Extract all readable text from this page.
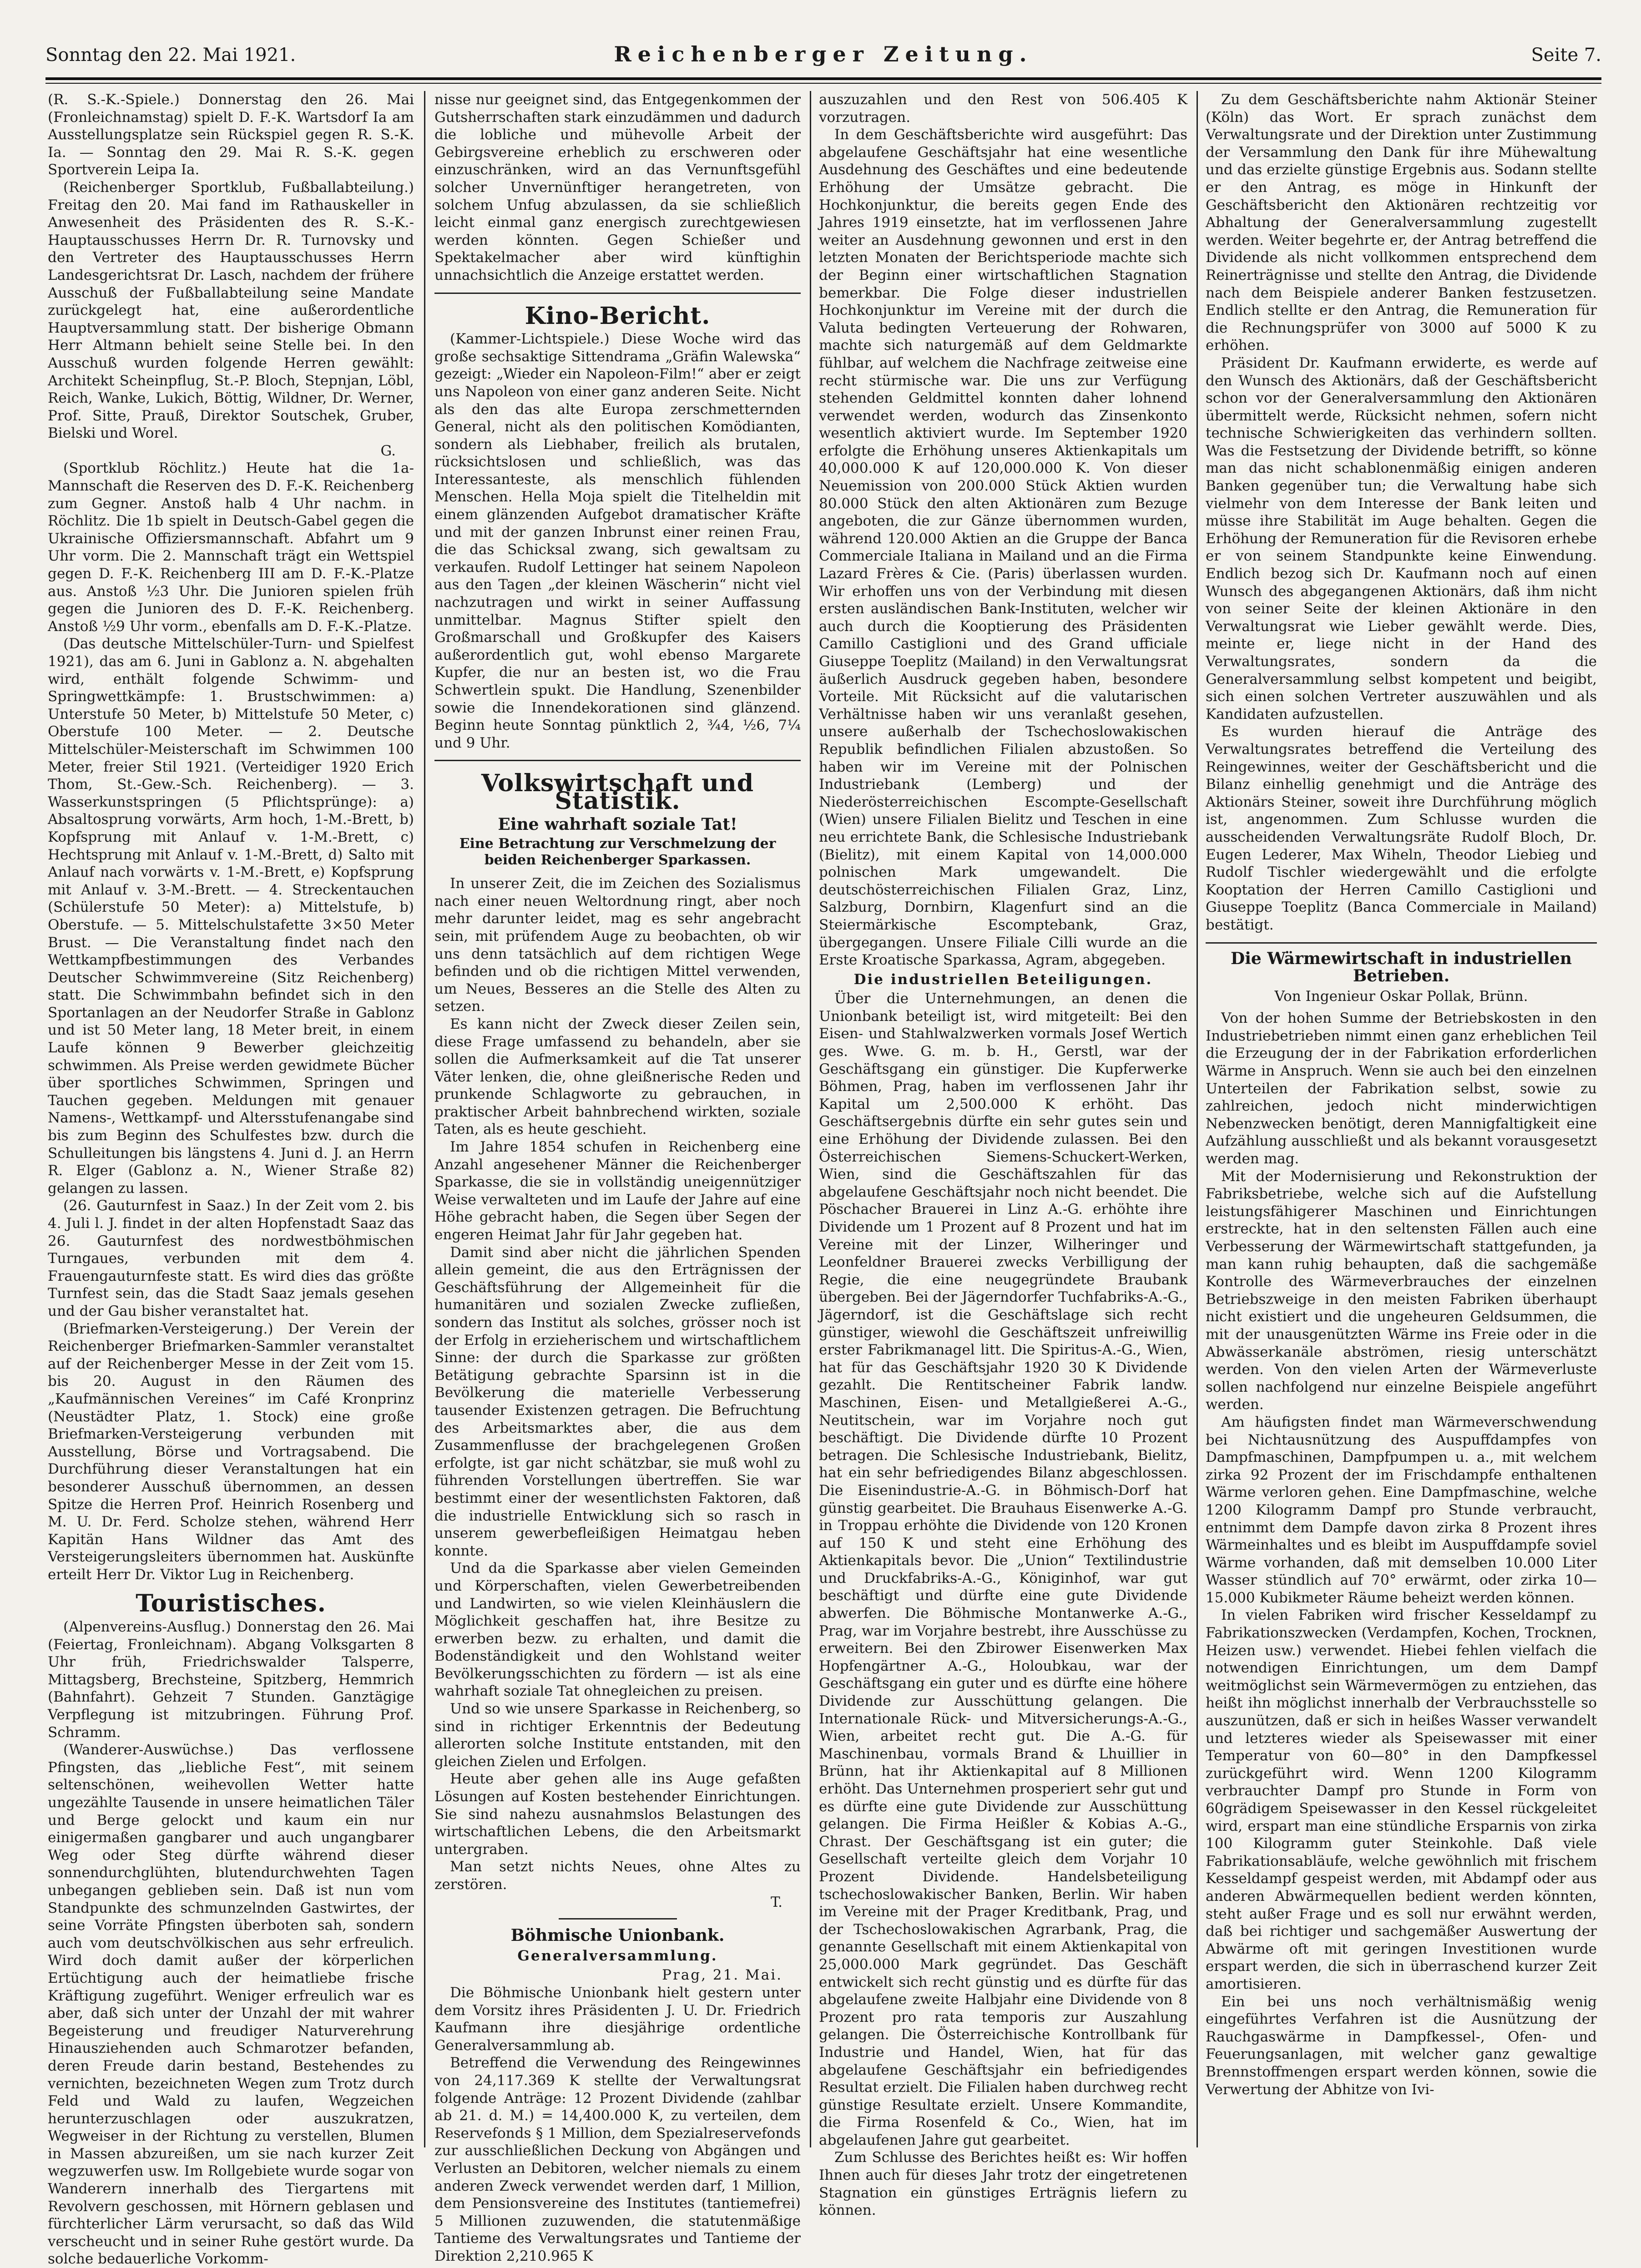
Sonntag den 22. Mai 1921.	Reichenberger Zeitung.	Seite 7.

(R. S.-K.-Spiele.) Donnerstag den 26. Mai (Fronleichnamstag) spielt D. F.-K. Wartsdorf Ia am Ausstellungsplatze sein Rückspiel gegen R. S.-K. Ia. — Sonntag den 29. Mai R. S.-K. gegen Sportverein Leipa Ia.

(Reichenberger Sportklub, Fußballabteilung.) Freitag den 20. Mai fand im Rathauskeller in Anwesenheit des Präsidenten des R. S.-K.-Hauptausschusses Herrn Dr. R. Turnovsky und den Vertreter des Hauptausschusses Herrn Landesgerichtsrat Dr. Lasch, nachdem der frühere Ausschuß der Fußballabteilung seine Mandate zurückgelegt hat, eine außerordentliche Hauptversammlung statt. Der bisherige Obmann Herr Altmann behielt seine Stelle bei. In den Ausschuß wurden folgende Herren gewählt: Architekt Scheinpflug, St.-P. Bloch, Stepnjan, Löbl, Reich, Wanke, Lukich, Böttig, Wildner, Dr. Werner, Prof. Sitte, Prauß, Direktor Soutschek, Gruber, Bielski und Worel.

G.

(Sportklub Röchlitz.) Heute hat die 1a-Mannschaft die Reserven des D. F.-K. Reichenberg zum Gegner. Anstoß halb 4 Uhr nachm. in Röchlitz. Die 1b spielt in Deutsch-Gabel gegen die Ukrainische Offiziersmannschaft. Abfahrt um 9 Uhr vorm. Die 2. Mannschaft trägt ein Wettspiel gegen D. F.-K. Reichenberg III am D. F.-K.-Platze aus. Anstoß ½3 Uhr. Die Junioren spielen früh gegen die Junioren des D. F.-K. Reichenberg. Anstoß ½9 Uhr vorm., ebenfalls am D. F.-K.-Platze.

(Das deutsche Mittelschüler-Turn- und Spielfest 1921), das am 6. Juni in Gablonz a. N. abgehalten wird, enthält folgende Schwimm- und Springwettkämpfe: 1. Brustschwimmen: a) Unterstufe 50 Meter, b) Mittelstufe 50 Meter, c) Oberstufe 100 Meter. — 2. Deutsche Mittelschüler-Meisterschaft im Schwimmen 100 Meter, freier Stil 1921. (Verteidiger 1920 Erich Thom, St.-Gew.-Sch. Reichenberg). — 3. Wasserkunstspringen (5 Pflichtsprünge): a) Absaltosprung vorwärts, Arm hoch, 1-M.-Brett, b) Kopfsprung mit Anlauf v. 1-M.-Brett, c) Hechtsprung mit Anlauf v. 1-M.-Brett, d) Salto mit Anlauf nach vorwärts v. 1-M.-Brett, e) Kopfsprung mit Anlauf v. 3-M.-Brett. — 4. Streckentauchen (Schülerstufe 50 Meter): a) Mittelstufe, b) Oberstufe. — 5. Mittelschulstafette 3×50 Meter Brust. — Die Veranstaltung findet nach den Wettkampfbestimmungen des Verbandes Deutscher Schwimmvereine (Sitz Reichenberg) statt. Die Schwimmbahn befindet sich in den Sportanlagen an der Neudorfer Straße in Gablonz und ist 50 Meter lang, 18 Meter breit, in einem Laufe können 9 Bewerber gleichzeitig schwimmen. Als Preise werden gewidmete Bücher über sportliches Schwimmen, Springen und Tauchen gegeben. Meldungen mit genauer Namens-, Wettkampf- und Altersstufenangabe sind bis zum Beginn des Schulfestes bzw. durch die Schulleitungen bis längstens 4. Juni d. J. an Herrn R. Elger (Gablonz a. N., Wiener Straße 82) gelangen zu lassen.

(26. Gauturnfest in Saaz.) In der Zeit vom 2. bis 4. Juli l. J. findet in der alten Hopfenstadt Saaz das 26. Gauturnfest des nordwestböhmischen Turngaues, verbunden mit dem 4. Frauengauturnfeste statt. Es wird dies das größte Turnfest sein, das die Stadt Saaz jemals gesehen und der Gau bisher veranstaltet hat.

(Briefmarken-Versteigerung.) Der Verein der Reichenberger Briefmarken-Sammler veranstaltet auf der Reichenberger Messe in der Zeit vom 15. bis 20. August in den Räumen des „Kaufmännischen Vereines“ im Café Kronprinz (Neustädter Platz, 1. Stock) eine große Briefmarken-Versteigerung verbunden mit Ausstellung, Börse und Vortragsabend. Die Durchführung dieser Veranstaltungen hat ein besonderer Ausschuß übernommen, an dessen Spitze die Herren Prof. Heinrich Rosenberg und M. U. Dr. Ferd. Scholze stehen, während Herr Kapitän Hans Wildner das Amt des Versteigerungsleiters übernommen hat. Auskünfte erteilt Herr Dr. Viktor Lug in Reichenberg.

Touristisches.

(Alpenvereins-Ausflug.) Donnerstag den 26. Mai (Feiertag, Fronleichnam). Abgang Volksgarten 8 Uhr früh, Friedrichswalder Talsperre, Mittagsberg, Brechsteine, Spitzberg, Hemmrich (Bahnfahrt). Gehzeit 7 Stunden. Ganztägige Verpflegung ist mitzubringen. Führung Prof. Schramm.

(Wanderer-Auswüchse.) Das verflossene Pfingsten, das „liebliche Fest“, mit seinem seltenschönen, weihevollen Wetter hatte ungezählte Tausende in unsere heimatlichen Täler und Berge gelockt und kaum ein nur einigermaßen gangbarer und auch ungangbarer Weg oder Steg dürfte während dieser sonnendurchglühten, blutendurchwehten Tagen unbegangen geblieben sein. Daß ist nun vom Standpunkte des schmunzelnden Gastwirtes, der seine Vorräte Pfingsten überboten sah, sondern auch vom deutschvölkischen aus sehr erfreulich. Wird doch damit außer der körperlichen Ertüchtigung auch der heimatliebe frische Kräftigung zugeführt. Weniger erfreulich war es aber, daß sich unter der Unzahl der mit wahrer Begeisterung und freudiger Naturverehrung Hinausziehenden auch Schmarotzer befanden, deren Freude darin bestand, Bestehendes zu vernichten, bezeichneten Wegen zum Trotz durch Feld und Wald zu laufen, Wegzeichen herunterzuschlagen oder auszukratzen, Wegweiser in der Richtung zu verstellen, Blumen in Massen abzureißen, um sie nach kurzer Zeit wegzuwerfen usw. Im Rollgebiete wurde sogar von Wanderern innerhalb des Tiergartens mit Revolvern geschossen, mit Hörnern geblasen und fürchterlicher Lärm verursacht, so daß das Wild verscheucht und in seiner Ruhe gestört wurde. Da solche bedauerliche Vorkomm-

nisse nur geeignet sind, das Entgegenkommen der Gutsherrschaften stark einzudämmen und dadurch die lobliche und mühevolle Arbeit der Gebirgsvereine erheblich zu erschweren oder einzuschränken, wird an das Vernunftsgefühl solcher Unvernünftiger herangetreten, von solchem Unfug abzulassen, da sie schließlich leicht einmal ganz energisch zurechtgewiesen werden könnten. Gegen Schießer und Spektakelmacher aber wird künftighin unnachsichtlich die Anzeige erstattet werden.

Kino-Bericht.

(Kammer-Lichtspiele.) Diese Woche wird das große sechsaktige Sittendrama „Gräfin Walewska“ gezeigt: „Wieder ein Napoleon-Film!“ aber er zeigt uns Napoleon von einer ganz anderen Seite. Nicht als den das alte Europa zerschmetternden General, nicht als den politischen Komödianten, sondern als Liebhaber, freilich als brutalen, rücksichtslosen und schließlich, was das Interessanteste, als menschlich fühlenden Menschen. Hella Moja spielt die Titelheldin mit einem glänzenden Aufgebot dramatischer Kräfte und mit der ganzen Inbrunst einer reinen Frau, die das Schicksal zwang, sich gewaltsam zu verkaufen. Rudolf Lettinger hat seinem Napoleon aus den Tagen „der kleinen Wäscherin“ nicht viel nachzutragen und wirkt in seiner Auffassung unmittelbar. Magnus Stifter spielt den Großmarschall und Großkupfer des Kaisers außerordentlich gut, wohl ebenso Margarete Kupfer, die nur an besten ist, wo die Frau Schwertlein spukt. Die Handlung, Szenenbilder sowie die Innendekorationen sind glänzend. Beginn heute Sonntag pünktlich 2, ¾4, ½6, 7¼ und 9 Uhr.

Volkswirtschaft und Statistik.
Eine wahrhaft soziale Tat!
Eine Betrachtung zur Verschmelzung der beiden Reichenberger Sparkassen.

In unserer Zeit, die im Zeichen des Sozialismus nach einer neuen Weltordnung ringt, aber noch mehr darunter leidet, mag es sehr angebracht sein, mit prüfendem Auge zu beobachten, ob wir uns denn tatsächlich auf dem richtigen Wege befinden und ob die richtigen Mittel verwenden, um Neues, Besseres an die Stelle des Alten zu setzen.

Es kann nicht der Zweck dieser Zeilen sein, diese Frage umfassend zu behandeln, aber sie sollen die Aufmerksamkeit auf die Tat unserer Väter lenken, die, ohne gleißnerische Reden und prunkende Schlagworte zu gebrauchen, in praktischer Arbeit bahnbrechend wirkten, soziale Taten, als es heute geschieht.

Im Jahre 1854 schufen in Reichenberg eine Anzahl angesehener Männer die Reichenberger Sparkasse, die sie in vollständig uneigennütziger Weise verwalteten und im Laufe der Jahre auf eine Höhe gebracht haben, die Segen über Segen der engeren Heimat Jahr für Jahr gegeben hat.

Damit sind aber nicht die jährlichen Spenden allein gemeint, die aus den Erträgnissen der Geschäftsführung der Allgemeinheit für die humanitären und sozialen Zwecke zufließen, sondern das Institut als solches, grösser noch ist der Erfolg in erzieherischem und wirtschaftlichem Sinne: der durch die Sparkasse zur größten Betätigung gebrachte Sparsinn ist in die Bevölkerung die materielle Verbesserung tausender Existenzen getragen. Die Befruchtung des Arbeitsmarktes aber, die aus dem Zusammenflusse der brachgelegenen Großen erfolgte, ist gar nicht schätzbar, sie muß wohl zu führenden Vorstellungen übertreffen. Sie war bestimmt einer der wesentlichsten Faktoren, daß die industrielle Entwicklung sich so rasch in unserem gewerbefleißigen Heimatgau heben konnte.

Und da die Sparkasse aber vielen Gemeinden und Körperschaften, vielen Gewerbetreibenden und Landwirten, so wie vielen Kleinhäuslern die Möglichkeit geschaffen hat, ihre Besitze zu erwerben bezw. zu erhalten, und damit die Bodenständigkeit und den Wohlstand weiter Bevölkerungsschichten zu fördern — ist als eine wahrhaft soziale Tat ohnegleichen zu preisen.

Und so wie unsere Sparkasse in Reichenberg, so sind in richtiger Erkenntnis der Bedeutung allerorten solche Institute entstanden, mit den gleichen Zielen und Erfolgen.

Heute aber gehen alle ins Auge gefaßten Lösungen auf Kosten bestehender Einrichtungen. Sie sind nahezu ausnahmslos Belastungen des wirtschaftlichen Lebens, die den Arbeitsmarkt untergraben.

Man setzt nichts Neues, ohne Altes zu zerstören.

T.
Böhmische Unionbank.
Generalversammlung.
Prag, 21. Mai.

Die Böhmische Unionbank hielt gestern unter dem Vorsitz ihres Präsidenten J. U. Dr. Friedrich Kaufmann ihre diesjährige ordentliche Generalversammlung ab.

Betreffend die Verwendung des Reingewinnes von 24,117.369 K stellte der Verwaltungsrat folgende Anträge: 12 Prozent Dividende (zahlbar ab 21. d. M.) = 14,400.000 K, zu verteilen, dem Reservefonds § 1 Million, dem Spezialreservefonds zur ausschließlichen Deckung von Abgängen und Verlusten an Debitoren, welcher niemals zu einem anderen Zweck verwendet werden darf, 1 Million, dem Pensionsvereine des Institutes (tantiemefrei) 5 Millionen zuzuwenden, die statutenmäßige Tantieme des Verwaltungsrates und Tantieme der Direktion 2,210.965 K

auszuzahlen und den Rest von 506.405 K vorzutragen.

In dem Geschäftsberichte wird ausgeführt: Das abgelaufene Geschäftsjahr hat eine wesentliche Ausdehnung des Geschäftes und eine bedeutende Erhöhung der Umsätze gebracht. Die Hochkonjunktur, die bereits gegen Ende des Jahres 1919 einsetzte, hat im verflossenen Jahre weiter an Ausdehnung gewonnen und erst in den letzten Monaten der Berichtsperiode machte sich der Beginn einer wirtschaftlichen Stagnation bemerkbar. Die Folge dieser industriellen Hochkonjunktur im Vereine mit der durch die Valuta bedingten Verteuerung der Rohwaren, machte sich naturgemäß auf dem Geldmarkte fühlbar, auf welchem die Nachfrage zeitweise eine recht stürmische war. Die uns zur Verfügung stehenden Geldmittel konnten daher lohnend verwendet werden, wodurch das Zinsenkonto wesentlich aktiviert wurde. Im September 1920 erfolgte die Erhöhung unseres Aktienkapitals um 40,000.000 K auf 120,000.000 K. Von dieser Neuemission von 200.000 Stück Aktien wurden 80.000 Stück den alten Aktionären zum Bezuge angeboten, die zur Gänze übernommen wurden, während 120.000 Aktien an die Gruppe der Banca Commerciale Italiana in Mailand und an die Firma Lazard Frères & Cie. (Paris) überlassen wurden. Wir erhoffen uns von der Verbindung mit diesen ersten ausländischen Bank-Instituten, welcher wir auch durch die Kooptierung des Präsidenten Camillo Castiglioni und des Grand ufficiale Giuseppe Toeplitz (Mailand) in den Verwaltungsrat äußerlich Ausdruck gegeben haben, besondere Vorteile. Mit Rücksicht auf die valutarischen Verhältnisse haben wir uns veranlaßt gesehen, unsere außerhalb der Tschechoslowakischen Republik befindlichen Filialen abzustoßen. So haben wir im Vereine mit der Polnischen Industriebank (Lemberg) und der Niederösterreichischen Escompte-Gesellschaft (Wien) unsere Filialen Bielitz und Teschen in eine neu errichtete Bank, die Schlesische Industriebank (Bielitz), mit einem Kapital von 14,000.000 polnischen Mark umgewandelt. Die deutschösterreichischen Filialen Graz, Linz, Salzburg, Dornbirn, Klagenfurt sind an die Steiermärkische Escomptebank, Graz, übergegangen. Unsere Filiale Cilli wurde an die Erste Kroatische Sparkassa, Agram, abgegeben.

Die industriellen Beteiligungen.

Über die Unternehmungen, an denen die Unionbank beteiligt ist, wird mitgeteilt: Bei den Eisen- und Stahlwalzwerken vormals Josef Wertich ges. Wwe. G. m. b. H., Gerstl, war der Geschäftsgang ein günstiger. Die Kupferwerke Böhmen, Prag, haben im verflossenen Jahr ihr Kapital um 2,500.000 K erhöht. Das Geschäftsergebnis dürfte ein sehr gutes sein und eine Erhöhung der Dividende zulassen. Bei den Österreichischen Siemens-Schuckert-Werken, Wien, sind die Geschäftszahlen für das abgelaufene Geschäftsjahr noch nicht beendet. Die Pöschacher Brauerei in Linz A.-G. erhöhte ihre Dividende um 1 Prozent auf 8 Prozent und hat im Vereine mit der Linzer, Wilheringer und Leonfeldner Brauerei zwecks Verbilligung der Regie, die eine neugegründete Braubank übergeben. Bei der Jägerndorfer Tuchfabriks-A.-G., Jägerndorf, ist die Geschäftslage sich recht günstiger, wiewohl die Geschäftszeit unfreiwillig erster Fabrikmanagel litt. Die Spiritus-A.-G., Wien, hat für das Geschäftsjahr 1920 30 K Dividende gezahlt. Die Rentitscheiner Fabrik landw. Maschinen, Eisen- und Metallgießerei A.-G., Neutitschein, war im Vorjahre noch gut beschäftigt. Die Dividende dürfte 10 Prozent betragen. Die Schlesische Industriebank, Bielitz, hat ein sehr befriedigendes Bilanz abgeschlossen. Die Eisenindustrie-A.-G. in Böhmisch-Dorf hat günstig gearbeitet. Die Brauhaus Eisenwerke A.-G. in Troppau erhöhte die Dividende von 120 Kronen auf 150 K und steht eine Erhöhung des Aktienkapitals bevor. Die „Union“ Textilindustrie und Druckfabriks-A.-G., Königinhof, war gut beschäftigt und dürfte eine gute Dividende abwerfen. Die Böhmische Montanwerke A.-G., Prag, war im Vorjahre bestrebt, ihre Ausschüsse zu erweitern. Bei den Zbirower Eisenwerken Max Hopfengärtner A.-G., Holoubkau, war der Geschäftsgang ein guter und es dürfte eine höhere Dividende zur Ausschüttung gelangen. Die Internationale Rück- und Mitversicherungs-A.-G., Wien, arbeitet recht gut. Die A.-G. für Maschinenbau, vormals Brand & Lhuillier in Brünn, hat ihr Aktienkapital auf 8 Millionen erhöht. Das Unternehmen prosperiert sehr gut und es dürfte eine gute Dividende zur Ausschüttung gelangen. Die Firma Heißler & Kobias A.-G., Chrast. Der Geschäftsgang ist ein guter; die Gesellschaft verteilte gleich dem Vorjahr 10 Prozent Dividende. Handelsbeteiligung tschechoslowakischer Banken, Berlin. Wir haben im Vereine mit der Prager Kreditbank, Prag, und der Tschechoslowakischen Agrarbank, Prag, die genannte Gesellschaft mit einem Aktienkapital von 25,000.000 Mark gegründet. Das Geschäft entwickelt sich recht günstig und es dürfte für das abgelaufene zweite Halbjahr eine Dividende von 8 Prozent pro rata temporis zur Auszahlung gelangen. Die Österreichische Kontrollbank für Industrie und Handel, Wien, hat für das abgelaufene Geschäftsjahr ein befriedigendes Resultat erzielt. Die Filialen haben durchweg recht günstige Resultate erzielt. Unsere Kommandite, die Firma Rosenfeld & Co., Wien, hat im abgelaufenen Jahre gut gearbeitet.

Zum Schlusse des Berichtes heißt es: Wir hoffen Ihnen auch für dieses Jahr trotz der eingetretenen Stagnation ein günstiges Erträgnis liefern zu können.

Zu dem Geschäftsberichte nahm Aktionär Steiner (Köln) das Wort. Er sprach zunächst dem Verwaltungsrate und der Direktion unter Zustimmung der Versammlung den Dank für ihre Mühewaltung und das erzielte günstige Ergebnis aus. Sodann stellte er den Antrag, es möge in Hinkunft der Geschäftsbericht den Aktionären rechtzeitig vor Abhaltung der Generalversammlung zugestellt werden. Weiter begehrte er, der Antrag betreffend die Dividende als nicht vollkommen entsprechend dem Reinerträgnisse und stellte den Antrag, die Dividende nach dem Beispiele anderer Banken festzusetzen. Endlich stellte er den Antrag, die Remuneration für die Rechnungsprüfer von 3000 auf 5000 K zu erhöhen.

Präsident Dr. Kaufmann erwiderte, es werde auf den Wunsch des Aktionärs, daß der Geschäftsbericht schon vor der Generalversammlung den Aktionären übermittelt werde, Rücksicht nehmen, sofern nicht technische Schwierigkeiten das verhindern sollten. Was die Festsetzung der Dividende betrifft, so könne man das nicht schablonenmäßig einigen anderen Banken gegenüber tun; die Verwaltung habe sich vielmehr von dem Interesse der Bank leiten und müsse ihre Stabilität im Auge behalten. Gegen die Erhöhung der Remuneration für die Revisoren erhebe er von seinem Standpunkte keine Einwendung. Endlich bezog sich Dr. Kaufmann noch auf einen Wunsch des abgegangenen Aktionärs, daß ihm nicht von seiner Seite der kleinen Aktionäre in den Verwaltungsrat wie Lieber gewählt werde. Dies, meinte er, liege nicht in der Hand des Verwaltungsrates, sondern da die Generalversammlung selbst kompetent und beigibt, sich einen solchen Vertreter auszuwählen und als Kandidaten aufzustellen.

Es wurden hierauf die Anträge des Verwaltungsrates betreffend die Verteilung des Reingewinnes, weiter der Geschäftsbericht und die Bilanz einhellig genehmigt und die Anträge des Aktionärs Steiner, soweit ihre Durchführung möglich ist, angenommen. Zum Schlusse wurden die ausscheidenden Verwaltungsräte Rudolf Bloch, Dr. Eugen Lederer, Max Wiheln, Theodor Liebieg und Rudolf Tischler wiedergewählt und die erfolgte Kooptation der Herren Camillo Castiglioni und Giuseppe Toeplitz (Banca Commerciale in Mailand) bestätigt.

Die Wärmewirtschaft in industriellen Betrieben.
Von Ingenieur Oskar Pollak, Brünn.

Von der hohen Summe der Betriebskosten in den Industriebetrieben nimmt einen ganz erheblichen Teil die Erzeugung der in der Fabrikation erforderlichen Wärme in Anspruch. Wenn sie auch bei den einzelnen Unterteilen der Fabrikation selbst, sowie zu zahlreichen, jedoch nicht minderwichtigen Nebenzwecken benötigt, deren Mannigfaltigkeit eine Aufzählung ausschließt und als bekannt vorausgesetzt werden mag.

Mit der Modernisierung und Rekonstruktion der Fabriksbetriebe, welche sich auf die Aufstellung leistungsfähigerer Maschinen und Einrichtungen erstreckte, hat in den seltensten Fällen auch eine Verbesserung der Wärmewirtschaft stattgefunden, ja man kann ruhig behaupten, daß die sachgemäße Kontrolle des Wärmeverbrauches der einzelnen Betriebszweige in den meisten Fabriken überhaupt nicht existiert und die ungeheuren Geldsummen, die mit der unausgenützten Wärme ins Freie oder in die Abwässerkanäle abströmen, riesig unterschätzt werden. Von den vielen Arten der Wärmeverluste sollen nachfolgend nur einzelne Beispiele angeführt werden.

Am häufigsten findet man Wärmeverschwendung bei Nichtausnützung des Auspuffdampfes von Dampfmaschinen, Dampfpumpen u. a., mit welchem zirka 92 Prozent der im Frischdampfe enthaltenen Wärme verloren gehen. Eine Dampfmaschine, welche 1200 Kilogramm Dampf pro Stunde verbraucht, entnimmt dem Dampfe davon zirka 8 Prozent ihres Wärmeinhaltes und es bleibt im Auspuffdampfe soviel Wärme vorhanden, daß mit demselben 10.000 Liter Wasser stündlich auf 70° erwärmt, oder zirka 10—15.000 Kubikmeter Räume beheizt werden können.

In vielen Fabriken wird frischer Kesseldampf zu Fabrikationszwecken (Verdampfen, Kochen, Trocknen, Heizen usw.) verwendet. Hiebei fehlen vielfach die notwendigen Einrichtungen, um dem Dampf weitmöglichst sein Wärmevermögen zu entziehen, das heißt ihn möglichst innerhalb der Verbrauchsstelle so auszunützen, daß er sich in heißes Wasser verwandelt und letzteres wieder als Speisewasser mit einer Temperatur von 60—80° in den Dampfkessel zurückgeführt wird. Wenn 1200 Kilogramm verbrauchter Dampf pro Stunde in Form von 60grädigem Speisewasser in den Kessel rückgeleitet wird, erspart man eine stündliche Ersparnis von zirka 100 Kilogramm guter Steinkohle. Daß viele Fabrikationsabläufe, welche gewöhnlich mit frischem Kesseldampf gespeist werden, mit Abdampf oder aus anderen Abwärmequellen bedient werden könnten, steht außer Frage und es soll nur erwähnt werden, daß bei richtiger und sachgemäßer Auswertung der Abwärme oft mit geringen Investitionen wurde erspart werden, die sich in überraschend kurzer Zeit amortisieren.

Ein bei uns noch verhältnismäßig wenig eingeführtes Verfahren ist die Ausnützung der Rauchgaswärme in Dampfkessel-, Ofen- und Feuerungsanlagen, mit welcher ganz gewaltige Brennstoffmengen erspart werden können, sowie die Verwertung der Abhitze von Ivi-
